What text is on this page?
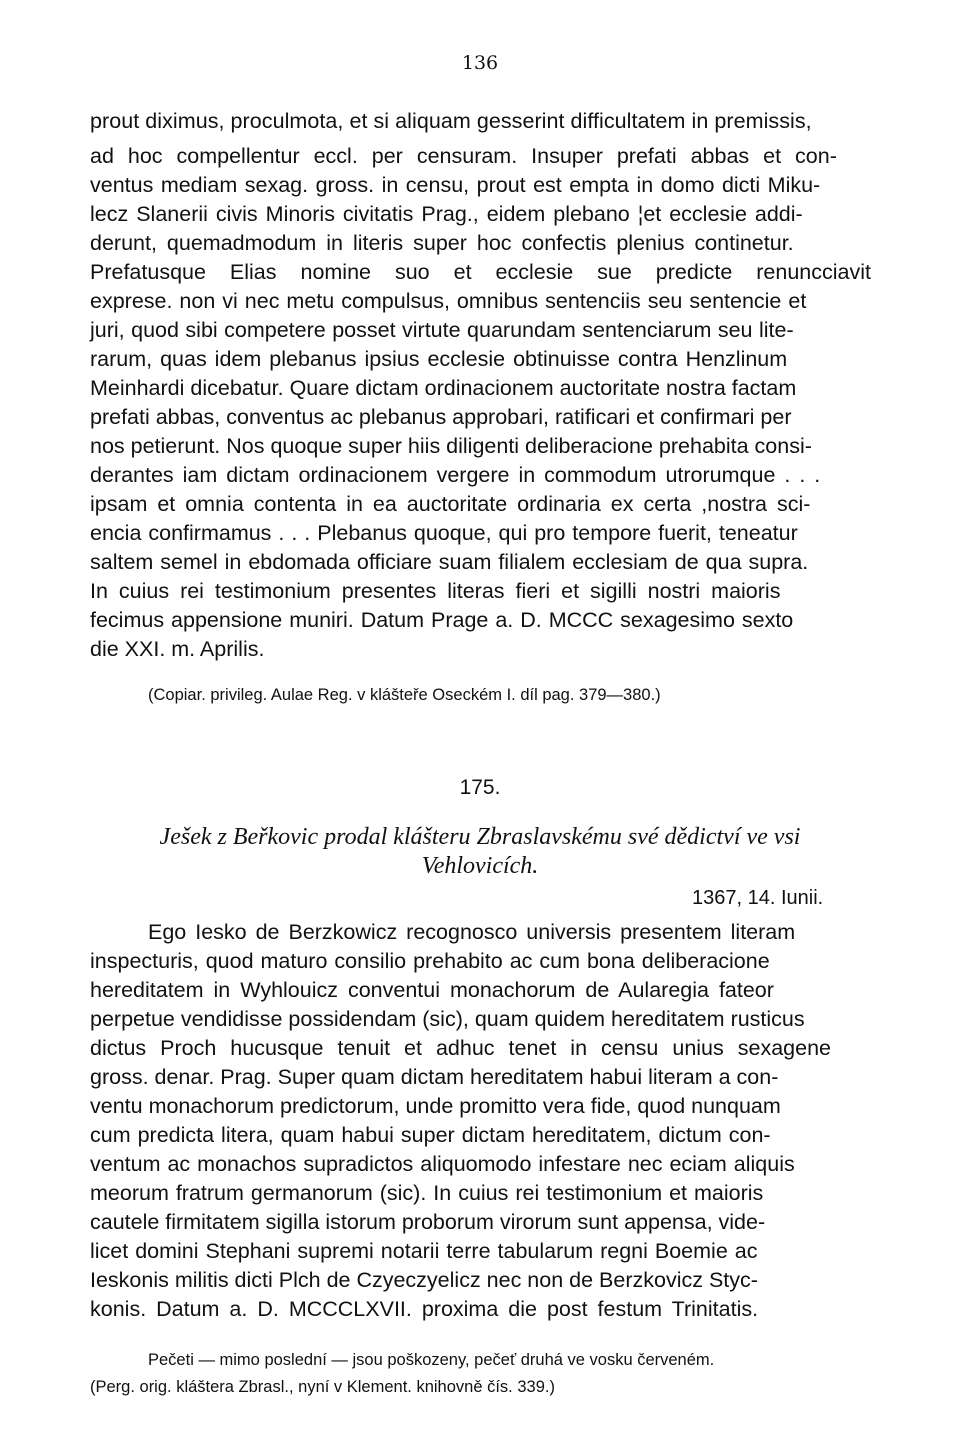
136
prout diximus, proculmota, et si aliquam gesserint difficultatem in premissis,
ad hoc compellentur eccl. per censuram. Insuper prefati abbas et con-
ventus mediam sexag. gross. in censu, prout est empta in domo dicti Miku-
lecz Slanerii civis Minoris civitatis Prag., eidem plebano ¦et ecclesie addi-
derunt, quemadmodum in literis super hoc confectis plenius continetur.
Prefatusque Elias nomine suo et ecclesie sue predicte renuncciavit
exprese. non vi nec metu compulsus, omnibus sentenciis seu sentencie et
juri, quod sibi competere posset virtute quarundam sentenciarum seu lite-
rarum, quas idem plebanus ipsius ecclesie obtinuisse contra Henzlinum
Meinhardi dicebatur. Quare dictam ordinacionem auctoritate nostra factam
prefati abbas, conventus ac plebanus approbari, ratificari et confirmari per
nos petierunt. Nos quoque super hiis diligenti deliberacione prehabita consi-
derantes iam dictam ordinacionem vergere in commodum utrorumque . . .
ipsam et omnia contenta in ea auctoritate ordinaria ex certa ,nostra sci-
encia confirmamus . . . Plebanus quoque, qui pro tempore fuerit, teneatur
saltem semel in ebdomada officiare suam filialem ecclesiam de qua supra.
In cuius rei testimonium presentes literas fieri et sigilli nostri maioris
fecimus appensione muniri. Datum Prage a. D. MCCC sexagesimo sexto
die XXI. m. Aprilis.
(Copiar. privileg. Aulae Reg. v klášteře Oseckém I. díl pag. 379—380.)
175.
Ješek z Beřkovic prodal klášteru Zbraslavskému své dědictví ve vsi
Vehlovicích.
1367, 14. Iunii.
Ego Iesko de Berzkowicz recognosco universis presentem literam
inspecturis, quod maturo consilio prehabito ac cum bona deliberacione
hereditatem in Wyhlouicz conventui monachorum de Aularegia fateor
perpetue vendidisse possidendam (sic), quam quidem hereditatem rusticus
dictus Proch hucusque tenuit et adhuc tenet in censu unius sexagene
gross. denar. Prag. Super quam dictam hereditatem habui literam a con-
ventu monachorum predictorum, unde promitto vera fide, quod nunquam
cum predicta litera, quam habui super dictam hereditatem, dictum con-
ventum ac monachos supradictos aliquomodo infestare nec eciam aliquis
meorum fratrum germanorum (sic). In cuius rei testimonium et maioris
cautele firmitatem sigilla istorum proborum virorum sunt appensa, vide-
licet domini Stephani supremi notarii terre tabularum regni Boemie ac
Ieskonis militis dicti Plch de Czyeczyelicz nec non de Berzkovicz Styc-
konis. Datum a. D. MCCCLXVII. proxima die post festum Trinitatis.
Pečeti — mimo poslední — jsou poškozeny, pečeť druhá ve vosku červeném.
(Perg. orig. kláštera Zbrasl., nyní v Klement. knihovně čís. 339.)
